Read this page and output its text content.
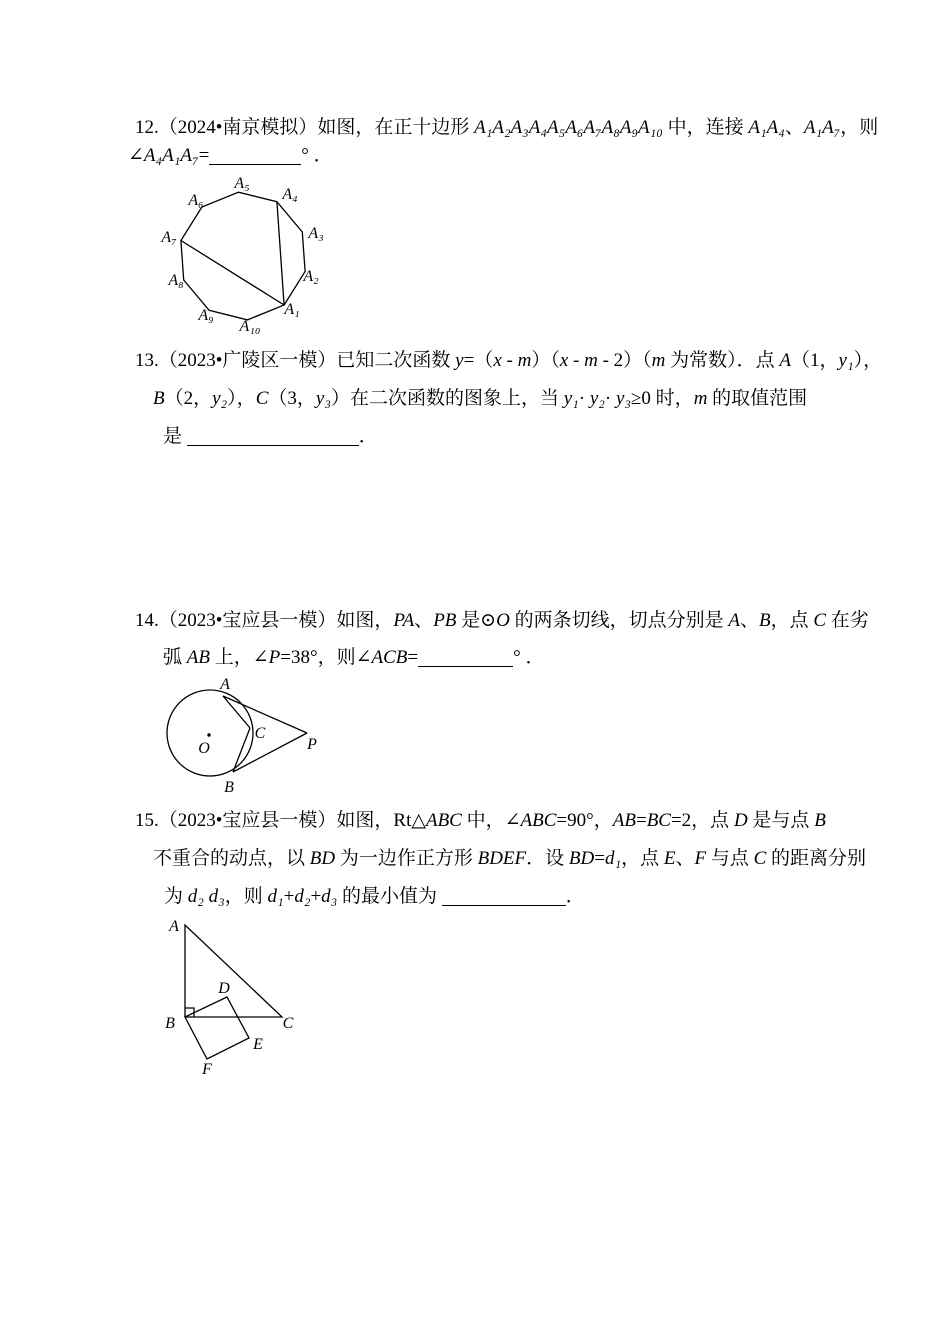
12.（2024•南京模拟）如图，在正十边形 A₁A₂A₃A₄A₅A₆A₇A₈A₉A₁₀ 中，连接 A₁A₄、A₁A₇，则
∠A₄A₁A₇=	° ．
A₅
A₄
A₆
A₇	A₃
A₂
A₈
A₉
A₁₀
A₁
13.（2023•广陵区一模）已知二次函数 y=（x - m）（x - m - 2）（m 为常数）．点 A（1，y₁），
B（2，y₂），C（3，y₃）在二次函数的图象上，当 y₁· y₂· y₃≥0 时，m 的取值范围
是	．
14.（2023•宝应县一模）如图，PA、PB 是⊙O 的两条切线，切点分别是 A、B，点 C 在劣
弧 AB 上，∠P=38°，则∠ACB=	° ．
A
O
C
P
B
15.（2023•宝应县一模）如图，Rt△ABC 中，∠ABC=90°，AB=BC=2，点 D 是与点 B
不重合的动点，以 BD 为一边作正方形 BDEF．设 BD=d₁，点 E、F 与点 C 的距离分别
为 d₂ d₃，则 d₁+d₂+d₃ 的最小值为	．
A
B	C
D
E
F
